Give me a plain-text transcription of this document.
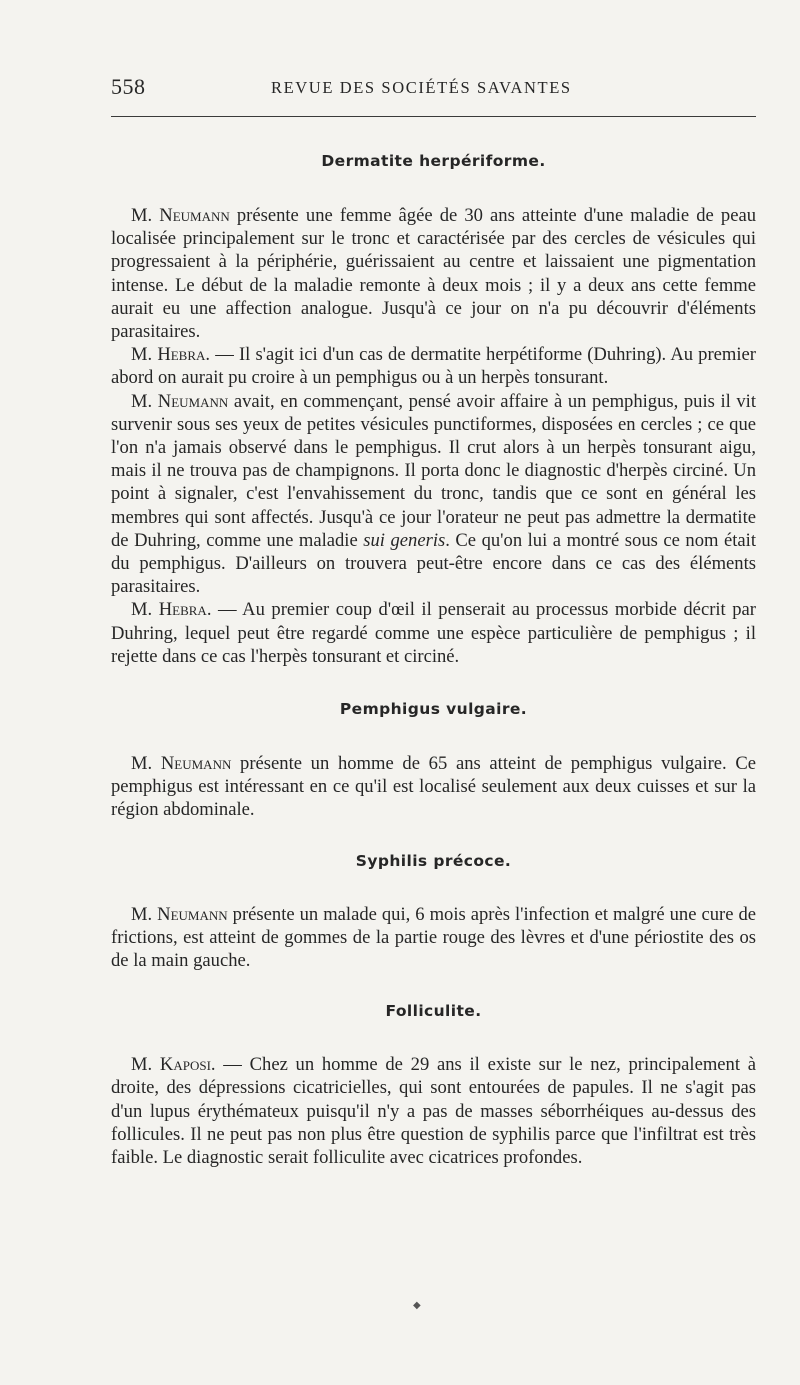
558	REVUE DES SOCIÉTÉS SAVANTES
Dermatite herpériforme.

M. Neumann présente une femme âgée de 30 ans atteinte d'une maladie de peau localisée principalement sur le tronc et caractérisée par des cercles de vésicules qui progressaient à la périphérie, guérissaient au centre et laissaient une pigmentation intense. Le début de la maladie remonte à deux mois ; il y a deux ans cette femme aurait eu une affection analogue. Jusqu'à ce jour on n'a pu découvrir d'éléments parasitaires.

M. Hebra. — Il s'agit ici d'un cas de dermatite herpétiforme (Duhring). Au premier abord on aurait pu croire à un pemphigus ou à un herpès tonsurant.

M. Neumann avait, en commençant, pensé avoir affaire à un pemphigus, puis il vit survenir sous ses yeux de petites vésicules punctiformes, disposées en cercles ; ce que l'on n'a jamais observé dans le pemphigus. Il crut alors à un herpès tonsurant aigu, mais il ne trouva pas de champignons. Il porta donc le diagnostic d'herpès circiné. Un point à signaler, c'est l'envahissement du tronc, tandis que ce sont en général les membres qui sont affectés. Jusqu'à ce jour l'orateur ne peut pas admettre la dermatite de Duhring, comme une maladie sui generis. Ce qu'on lui a montré sous ce nom était du pemphigus. D'ailleurs on trouvera peut-être encore dans ce cas des éléments parasitaires.

M. Hebra. — Au premier coup d'œil il penserait au processus morbide décrit par Duhring, lequel peut être regardé comme une espèce particulière de pemphigus ; il rejette dans ce cas l'herpès tonsurant et circiné.

Pemphigus vulgaire.

M. Neumann présente un homme de 65 ans atteint de pemphigus vulgaire. Ce pemphigus est intéressant en ce qu'il est localisé seulement aux deux cuisses et sur la région abdominale.

Syphilis précoce.

M. Neumann présente un malade qui, 6 mois après l'infection et malgré une cure de frictions, est atteint de gommes de la partie rouge des lèvres et d'une périostite des os de la main gauche.

Folliculite.

M. Kaposi. — Chez un homme de 29 ans il existe sur le nez, principalement à droite, des dépressions cicatricielles, qui sont entourées de papules. Il ne s'agit pas d'un lupus érythémateux puisqu'il n'y a pas de masses séborrhéiques au-dessus des follicules. Il ne peut pas non plus être question de syphilis parce que l'infiltrat est très faible. Le diagnostic serait folliculite avec cicatrices profondes.

◆
